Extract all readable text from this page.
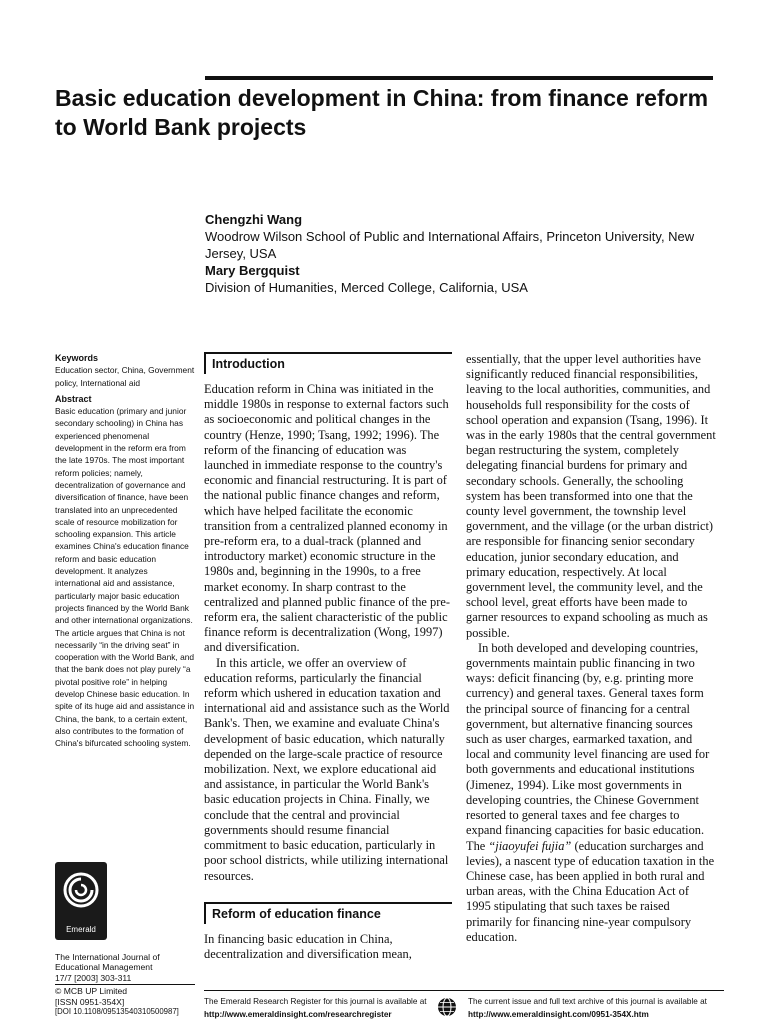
Basic education development in China: from finance reform to World Bank projects
Chengzhi Wang
Woodrow Wilson School of Public and International Affairs, Princeton University, New Jersey, USA
Mary Bergquist
Division of Humanities, Merced College, California, USA
Keywords
Education sector, China, Government policy, International aid
Abstract
Basic education (primary and junior secondary schooling) in China has experienced phenomenal development in the reform era from the late 1970s. The most important reform policies; namely, decentralization of governance and diversification of finance, have been translated into an unprecedented scale of resource mobilization for schooling expansion. This article examines China's education finance reform and basic education development. It analyzes international aid and assistance, particularly major basic education projects financed by the World Bank and other international organizations. The article argues that China is not necessarily “in the driving seat” in cooperation with the World Bank, and that the bank does not play purely “a pivotal positive role” in helping develop Chinese basic education. In spite of its huge aid and assistance in China, the bank, to a certain extent, also contributes to the formation of China's bifurcated schooling system.
Emerald
The International Journal of
Educational Management
17/7 [2003] 303-311
© MCB UP Limited
[ISSN 0951-354X]
[DOI 10.1108/09513540310500987]
Introduction
Education reform in China was initiated in the middle 1980s in response to external factors such as socioeconomic and political changes in the country (Henze, 1990; Tsang, 1992; 1996). The reform of the financing of education was launched in immediate response to the country's economic and financial restructuring. It is part of the national public finance changes and reform, which have helped facilitate the economic transition from a centralized planned economy in pre-reform era, to a dual-track (planned and introductory market) economic structure in the 1980s and, beginning in the 1990s, to a free market economy. In sharp contrast to the centralized and planned public finance of the pre-reform era, the salient characteristic of the public finance reform is decentralization (Wong, 1997) and diversification.
In this article, we offer an overview of education reforms, particularly the financial reform which ushered in education taxation and international aid and assistance such as the World Bank's. Then, we examine and evaluate China's development of basic education, which naturally depended on the large-scale practice of resource mobilization. Next, we explore educational aid and assistance, in particular the World Bank's basic education projects in China. Finally, we conclude that the central and provincial governments should resume financial commitment to basic education, particularly in poor school districts, while utilizing international resources.
Reform of education finance
In financing basic education in China, decentralization and diversification mean,
essentially, that the upper level authorities have significantly reduced financial responsibilities, leaving to the local authorities, communities, and households full responsibility for the costs of school operation and expansion (Tsang, 1996). It was in the early 1980s that the central government began restructuring the system, completely delegating financial burdens for primary and secondary schools. Generally, the schooling system has been transformed into one that the county level government, the township level government, and the village (or the urban district) are responsible for financing senior secondary education, junior secondary education, and primary education, respectively. At local government level, the community level, and the school level, great efforts have been made to garner resources to expand schooling as much as possible.
In both developed and developing countries, governments maintain public financing in two ways: deficit financing (by, e.g. printing more currency) and general taxes. General taxes form the principal source of financing for a central government, but alternative financing sources such as user charges, earmarked taxation, and local and community level financing are used for both governments and educational institutions (Jimenez, 1994). Like most governments in developing countries, the Chinese Government resorted to general taxes and fee charges to expand financing capacities for basic education. The “jiaoyufei fujia” (education surcharges and levies), a nascent type of education taxation in the Chinese case, has been applied in both rural and urban areas, with the China Education Act of 1995 stipulating that such taxes be raised primarily for financing nine-year compulsory education.
The Emerald Research Register for this journal is available at
http://www.emeraldinsight.com/researchregister
The current issue and full text archive of this journal is available at
http://www.emeraldinsight.com/0951-354X.htm
